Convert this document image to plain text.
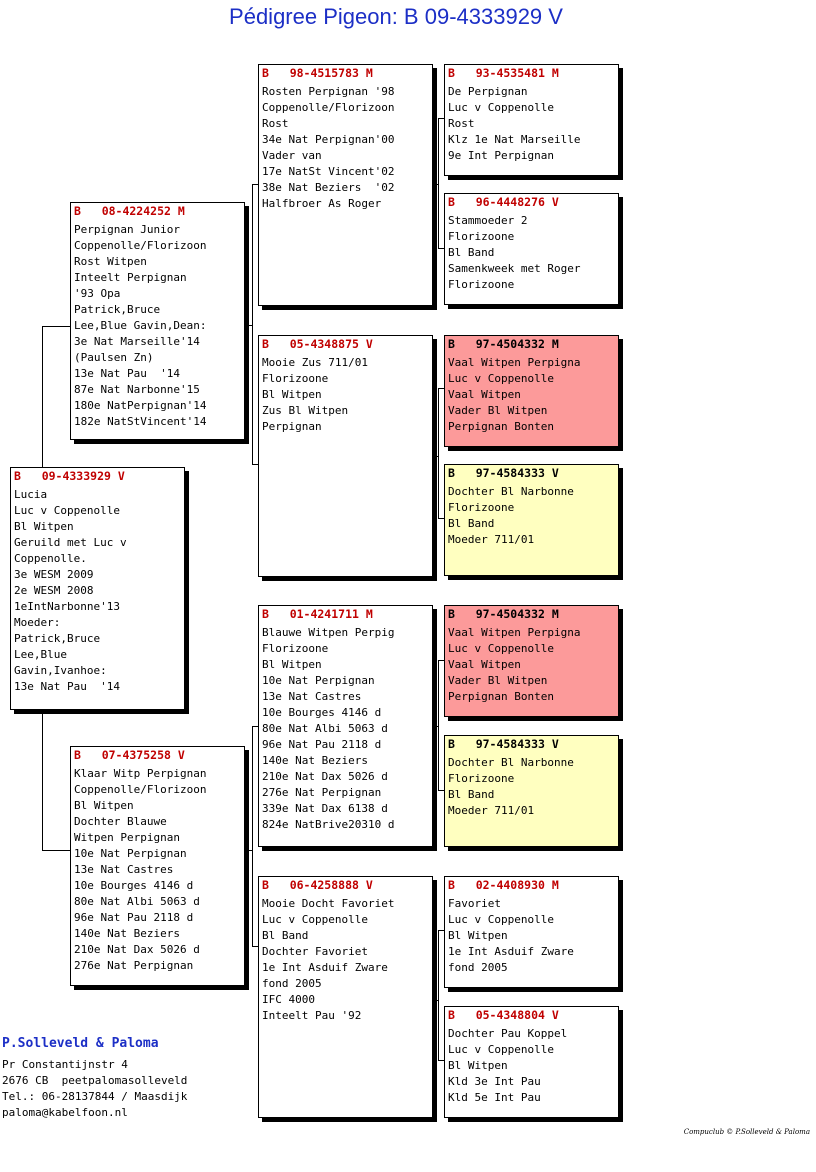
Pédigree Pigeon: B 09-4333929 V
B   09-4333929 V
Lucia
Luc v Coppenolle
Bl Witpen
Geruild met Luc v
Coppenolle.
3e WESM 2009
2e WESM 2008
1eIntNarbonne'13
Moeder:
Patrick,Bruce
Lee,Blue
Gavin,Ivanhoe:
13e Nat Pau  '14
B   08-4224252 M
Perpignan Junior
Coppenolle/Florizoon
Rost Witpen
Inteelt Perpignan
'93 Opa
Patrick,Bruce
Lee,Blue Gavin,Dean:
3e Nat Marseille'14
(Paulsen Zn)
13e Nat Pau  '14
87e Nat Narbonne'15
180e NatPerpignan'14
182e NatStVincent'14
B   07-4375258 V
Klaar Witp Perpignan
Coppenolle/Florizoon
Bl Witpen
Dochter Blauwe
Witpen Perpignan
10e Nat Perpignan
13e Nat Castres
10e Bourges 4146 d
80e Nat Albi 5063 d
96e Nat Pau 2118 d
140e Nat Beziers
210e Nat Dax 5026 d
276e Nat Perpignan
B   98-4515783 M
Rosten Perpignan '98
Coppenolle/Florizoon
Rost
34e Nat Perpignan'00
Vader van
17e NatSt Vincent'02
38e Nat Beziers  '02
Halfbroer As Roger
B   05-4348875 V
Mooie Zus 711/01
Florizoone
Bl Witpen
Zus Bl Witpen
Perpignan
B   01-4241711 M
Blauwe Witpen Perpig
Florizoone
Bl Witpen
10e Nat Perpignan
13e Nat Castres
10e Bourges 4146 d
80e Nat Albi 5063 d
96e Nat Pau 2118 d
140e Nat Beziers
210e Nat Dax 5026 d
276e Nat Perpignan
339e Nat Dax 6138 d
824e NatBrive20310 d
B   06-4258888 V
Mooie Docht Favoriet
Luc v Coppenolle
Bl Band
Dochter Favoriet
1e Int Asduif Zware
fond 2005
IFC 4000
Inteelt Pau '92
B   93-4535481 M
De Perpignan
Luc v Coppenolle
Rost
Klz 1e Nat Marseille
9e Int Perpignan
B   96-4448276 V
Stammoeder 2
Florizoone
Bl Band
Samenkweek met Roger
Florizoone
B   97-4504332 M
Vaal Witpen Perpigna
Luc v Coppenolle
Vaal Witpen
Vader Bl Witpen
Perpignan Bonten
B   97-4584333 V
Dochter Bl Narbonne
Florizoone
Bl Band
Moeder 711/01
B   97-4504332 M
Vaal Witpen Perpigna
Luc v Coppenolle
Vaal Witpen
Vader Bl Witpen
Perpignan Bonten
B   97-4584333 V
Dochter Bl Narbonne
Florizoone
Bl Band
Moeder 711/01
B   02-4408930 M
Favoriet
Luc v Coppenolle
Bl Witpen
1e Int Asduif Zware
fond 2005
B   05-4348804 V
Dochter Pau Koppel
Luc v Coppenolle
Bl Witpen
Kld 3e Int Pau
Kld 5e Int Pau
P.Solleveld & Paloma
Pr Constantijnstr 4
2676 CB  peetpalomasolleveld
Tel.: 06-28137844 / Maasdijk
paloma@kabelfoon.nl
Compuclub © P.Solleveld & Paloma
